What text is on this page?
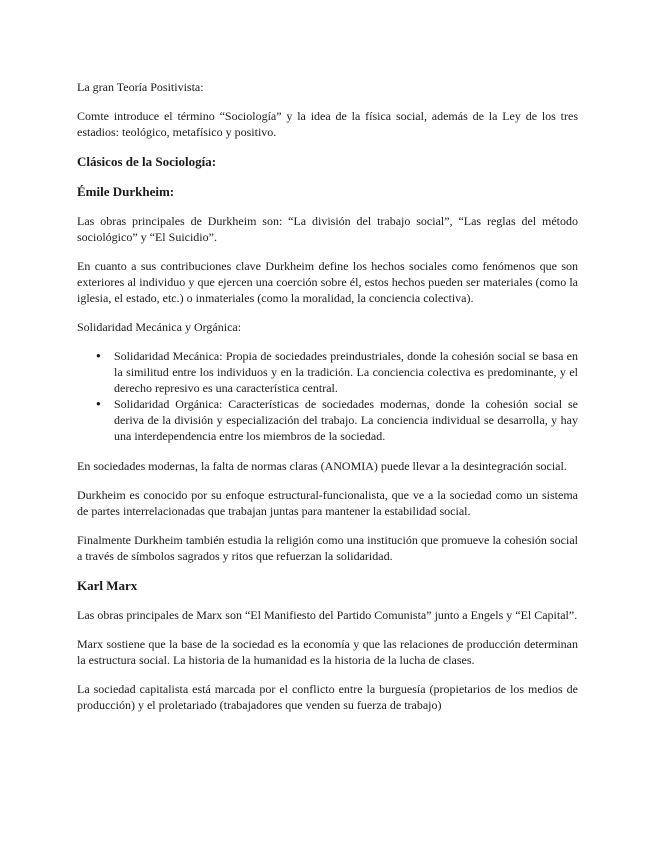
La gran Teoría Positivista:

Comte introduce el término “Sociología” y la idea de la física social, además de la Ley de los tres estadios: teológico, metafísico y positivo.

Clásicos de la Sociología:
Émile Durkheim:

Las obras principales de Durkheim son: “La división del trabajo social”, “Las reglas del método sociológico” y “El Suicidio”.

En cuanto a sus contribuciones clave Durkheim define los hechos sociales como fenómenos que son exteriores al individuo y que ejercen una coerción sobre él, estos hechos pueden ser materiales (como la iglesia, el estado, etc.) o inmateriales (como la moralidad, la conciencia colectiva).

Solidaridad Mecánica y Orgánica:

● Solidaridad Mecánica: Propia de sociedades preindustriales, donde la cohesión social se basa en la similitud entre los individuos y en la tradición. La conciencia colectiva es predominante, y el derecho represivo es una característica central.
● Solidaridad Orgánica: Características de sociedades modernas, donde la cohesión social se deriva de la división y especialización del trabajo. La conciencia individual se desarrolla, y hay una interdependencia entre los miembros de la sociedad.

En sociedades modernas, la falta de normas claras (ANOMIA) puede llevar a la desintegración social.

Durkheim es conocido por su enfoque estructural-funcionalista, que ve a la sociedad como un sistema de partes interrelacionadas que trabajan juntas para mantener la estabilidad social.

Finalmente Durkheim también estudia la religión como una institución que promueve la cohesión social a través de símbolos sagrados y ritos que refuerzan la solidaridad.

Karl Marx

Las obras principales de Marx son “El Manifiesto del Partido Comunista” junto a Engels y “El Capital”.

Marx sostiene que la base de la sociedad es la economía y que las relaciones de producción determinan la estructura social. La historia de la humanidad es la historia de la lucha de clases.

La sociedad capitalista está marcada por el conflicto entre la burguesía (propietarios de los medios de producción) y el proletariado (trabajadores que venden su fuerza de trabajo)
